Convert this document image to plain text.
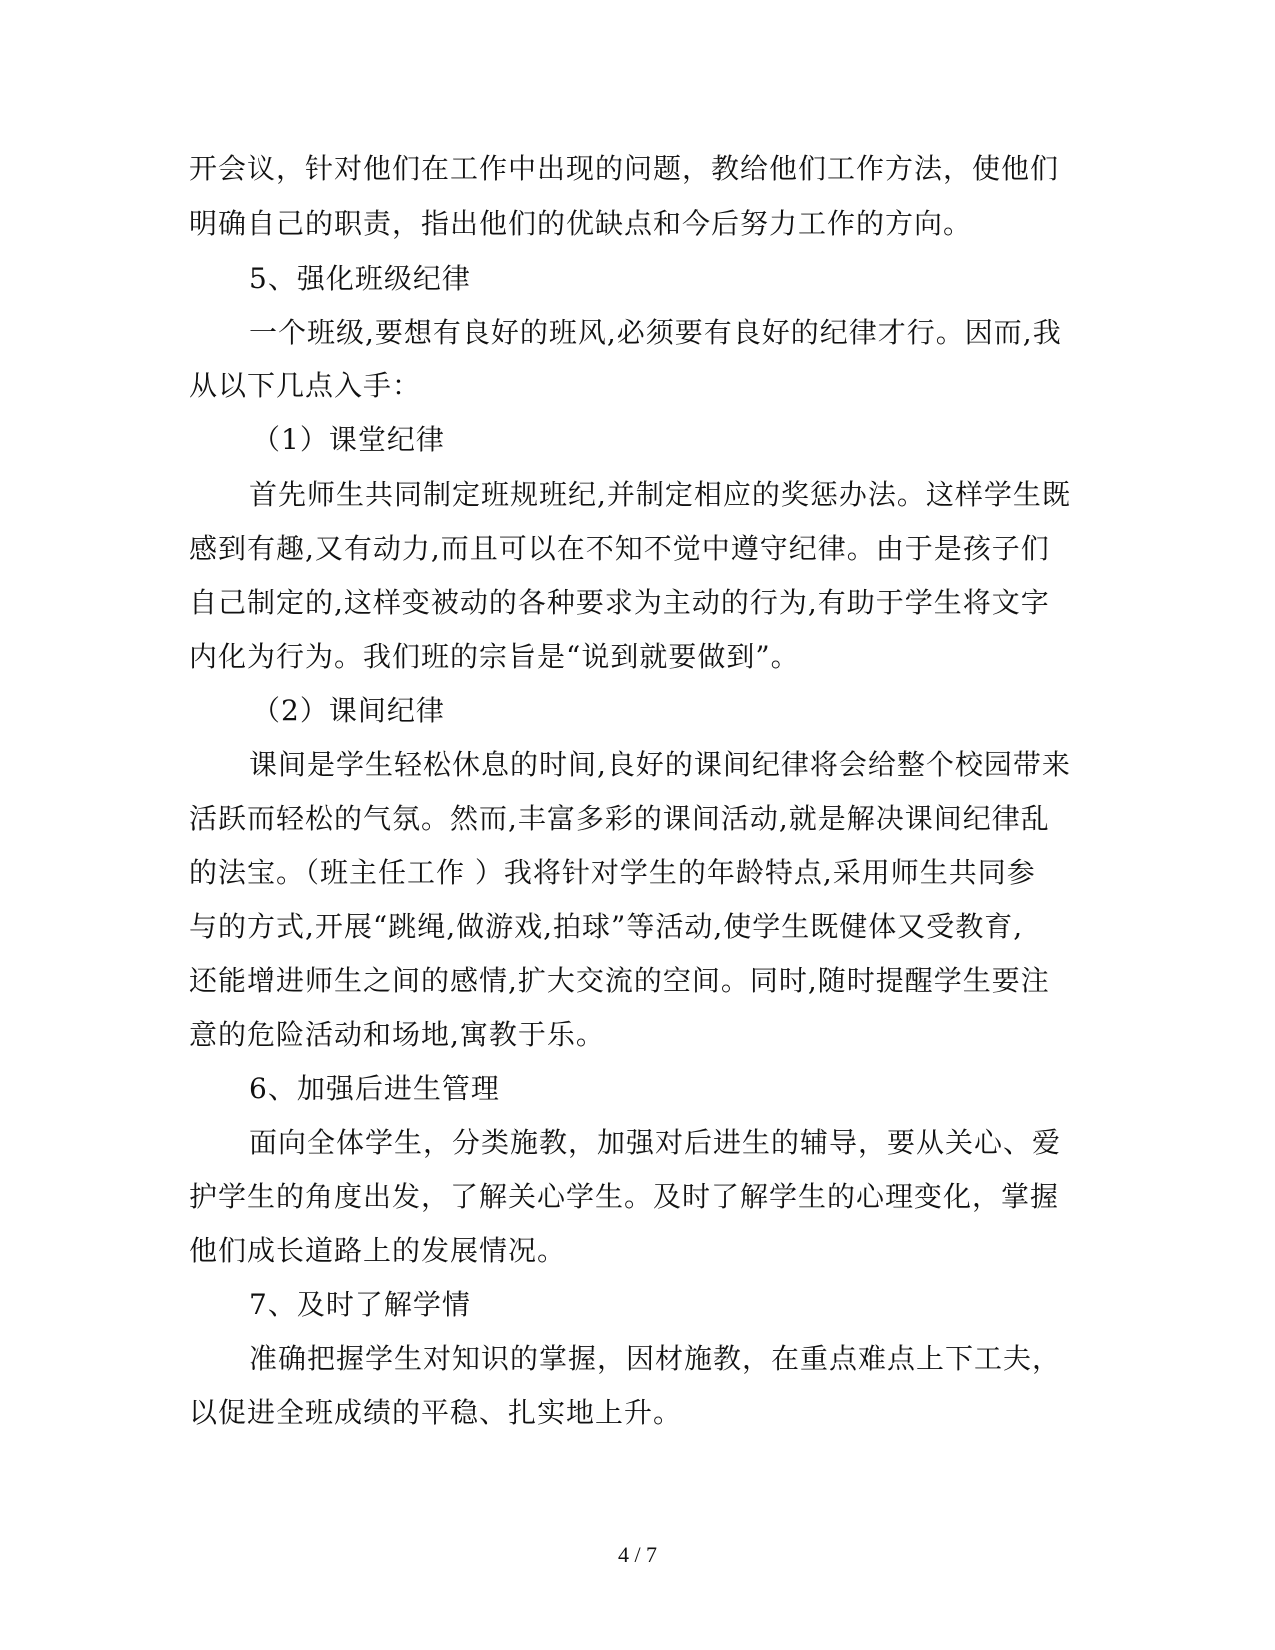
开会议，针对他们在工作中出现的问题，教给他们工作方法，使他们
明确自己的职责，指出他们的优缺点和今后努力工作的方向。
5、强化班级纪律
一个班级,要想有良好的班风,必须要有良好的纪律才行。因而,我
从以下几点入手：
（1）课堂纪律
首先师生共同制定班规班纪,并制定相应的奖惩办法。这样学生既
感到有趣,又有动力,而且可以在不知不觉中遵守纪律。由于是孩子们
自己制定的,这样变被动的各种要求为主动的行为,有助于学生将文字
内化为行为。我们班的宗旨是“说到就要做到”。
（2）课间纪律
课间是学生轻松休息的时间,良好的课间纪律将会给整个校园带来
活跃而轻松的气氛。然而,丰富多彩的课间活动,就是解决课间纪律乱
的法宝。（班主任工作 ）我将针对学生的年龄特点,采用师生共同参
与的方式,开展“跳绳,做游戏,拍球”等活动,使学生既健体又受教育,
还能增进师生之间的感情,扩大交流的空间。同时,随时提醒学生要注
意的危险活动和场地,寓教于乐。
6、加强后进生管理
面向全体学生，分类施教，加强对后进生的辅导，要从关心、爱
护学生的角度出发，了解关心学生。及时了解学生的心理变化，掌握
他们成长道路上的发展情况。
7、及时了解学情
准确把握学生对知识的掌握，因材施教，在重点难点上下工夫，
以促进全班成绩的平稳、扎实地上升。
4 / 7
